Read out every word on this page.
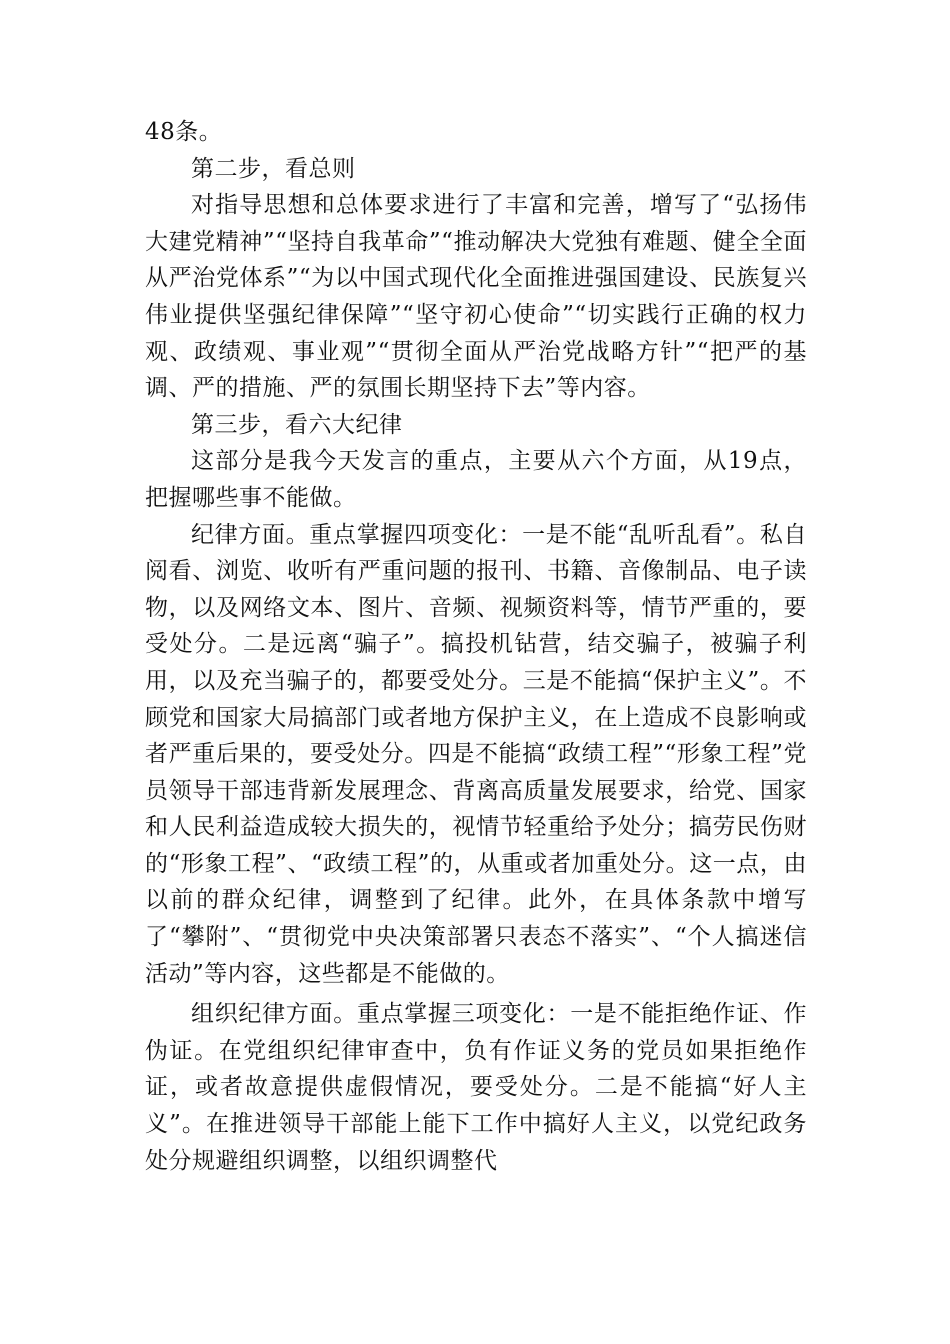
48条。

第二步，看总则

对指导思想和总体要求进行了丰富和完善，增写了“弘扬伟大建党精神”“坚持自我革命”“推动解决大党独有难题、健全全面从严治党体系”“为以中国式现代化全面推进强国建设、民族复兴伟业提供坚强纪律保障”“坚守初心使命”“切实践行正确的权力观、政绩观、事业观”“贯彻全面从严治党战略方针”“把严的基调、严的措施、严的氛围长期坚持下去”等内容。

第三步，看六大纪律

这部分是我今天发言的重点，主要从六个方面，从19点，把握哪些事不能做。

纪律方面。重点掌握四项变化：一是不能“乱听乱看”。私自阅看、浏览、收听有严重问题的报刊、书籍、音像制品、电子读物，以及网络文本、图片、音频、视频资料等，情节严重的，要受处分。二是远离“骗子”。搞投机钻营，结交骗子，被骗子利用，以及充当骗子的，都要受处分。三是不能搞“保护主义”。不顾党和国家大局搞部门或者地方保护主义，在上造成不良影响或者严重后果的，要受处分。四是不能搞“政绩工程”“形象工程”党员领导干部违背新发展理念、背离高质量发展要求，给党、国家和人民利益造成较大损失的，视情节轻重给予处分；搞劳民伤财的“形象工程”、“政绩工程”的，从重或者加重处分。这一点，由以前的群众纪律，调整到了纪律。此外，在具体条款中增写了“攀附”、“贯彻党中央决策部署只表态不落实”、“个人搞迷信活动”等内容，这些都是不能做的。

组织纪律方面。重点掌握三项变化：一是不能拒绝作证、作伪证。在党组织纪律审查中，负有作证义务的党员如果拒绝作证，或者故意提供虚假情况，要受处分。二是不能搞“好人主义”。在推进领导干部能上能下工作中搞好人主义，以党纪政务处分规避组织调整，以组织调整代
